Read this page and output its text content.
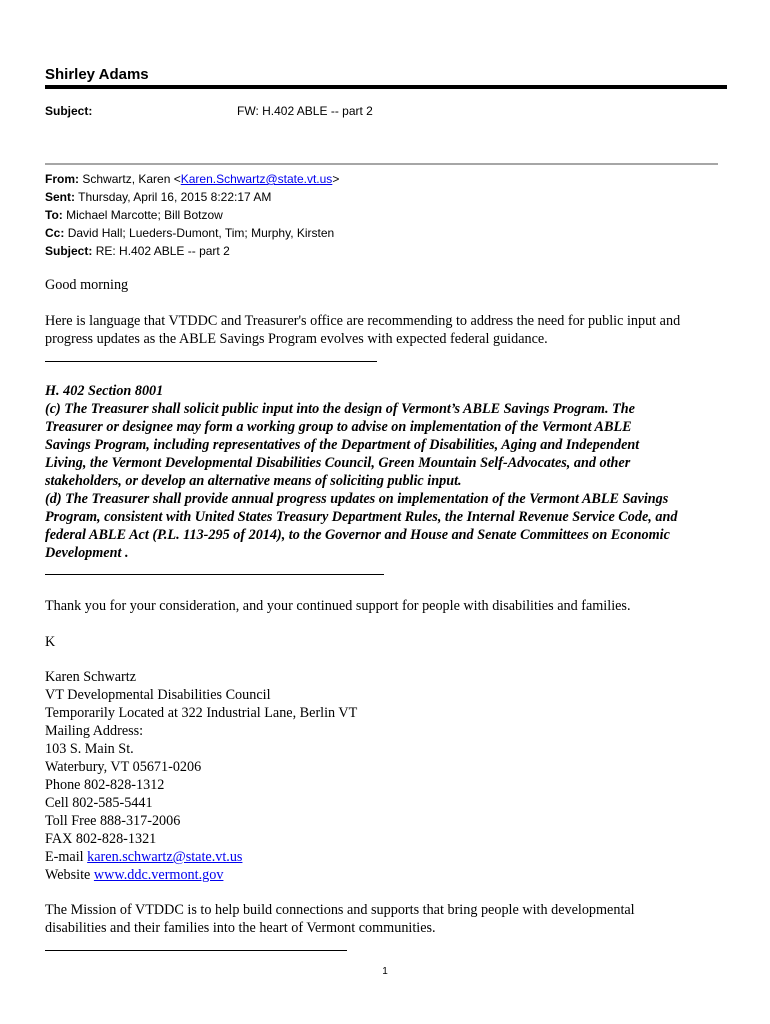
Shirley Adams
Subject:	FW: H.402 ABLE -- part 2
From: Schwartz, Karen <Karen.Schwartz@state.vt.us>
Sent: Thursday, April 16, 2015 8:22:17 AM
To: Michael Marcotte; Bill Botzow
Cc: David Hall; Lueders-Dumont, Tim; Murphy, Kirsten
Subject: RE: H.402 ABLE -- part 2
Good morning
Here is language that VTDDC and Treasurer's office are recommending to address the need for public input and
progress updates as the ABLE Savings Program evolves with expected federal guidance.
H. 402 Section 8001
(c) The Treasurer shall solicit public input into the design of Vermont’s ABLE Savings Program. The
Treasurer or designee may form a working group to advise on implementation of the Vermont ABLE
Savings Program, including representatives of the Department of Disabilities, Aging and Independent
Living, the Vermont Developmental Disabilities Council, Green Mountain Self-Advocates, and other
stakeholders, or develop an alternative means of soliciting public input.
(d) The Treasurer shall provide annual progress updates on implementation of the Vermont ABLE Savings
Program, consistent with United States Treasury Department Rules, the Internal Revenue Service Code, and
federal ABLE Act (P.L. 113-295 of 2014), to the Governor and House and Senate Committees on Economic
Development .
Thank you for your consideration, and your continued support for people with disabilities and families.
K
Karen Schwartz
VT Developmental Disabilities Council
Temporarily Located at 322 Industrial Lane, Berlin VT
Mailing Address:
103 S. Main St.
Waterbury, VT 05671-0206
Phone 802-828-1312
Cell 802-585-5441
Toll Free 888-317-2006
FAX 802-828-1321
E-mail karen.schwartz@state.vt.us
Website www.ddc.vermont.gov
The Mission of VTDDC is to help build connections and supports that bring people with developmental
disabilities and their families into the heart of Vermont communities.
1
